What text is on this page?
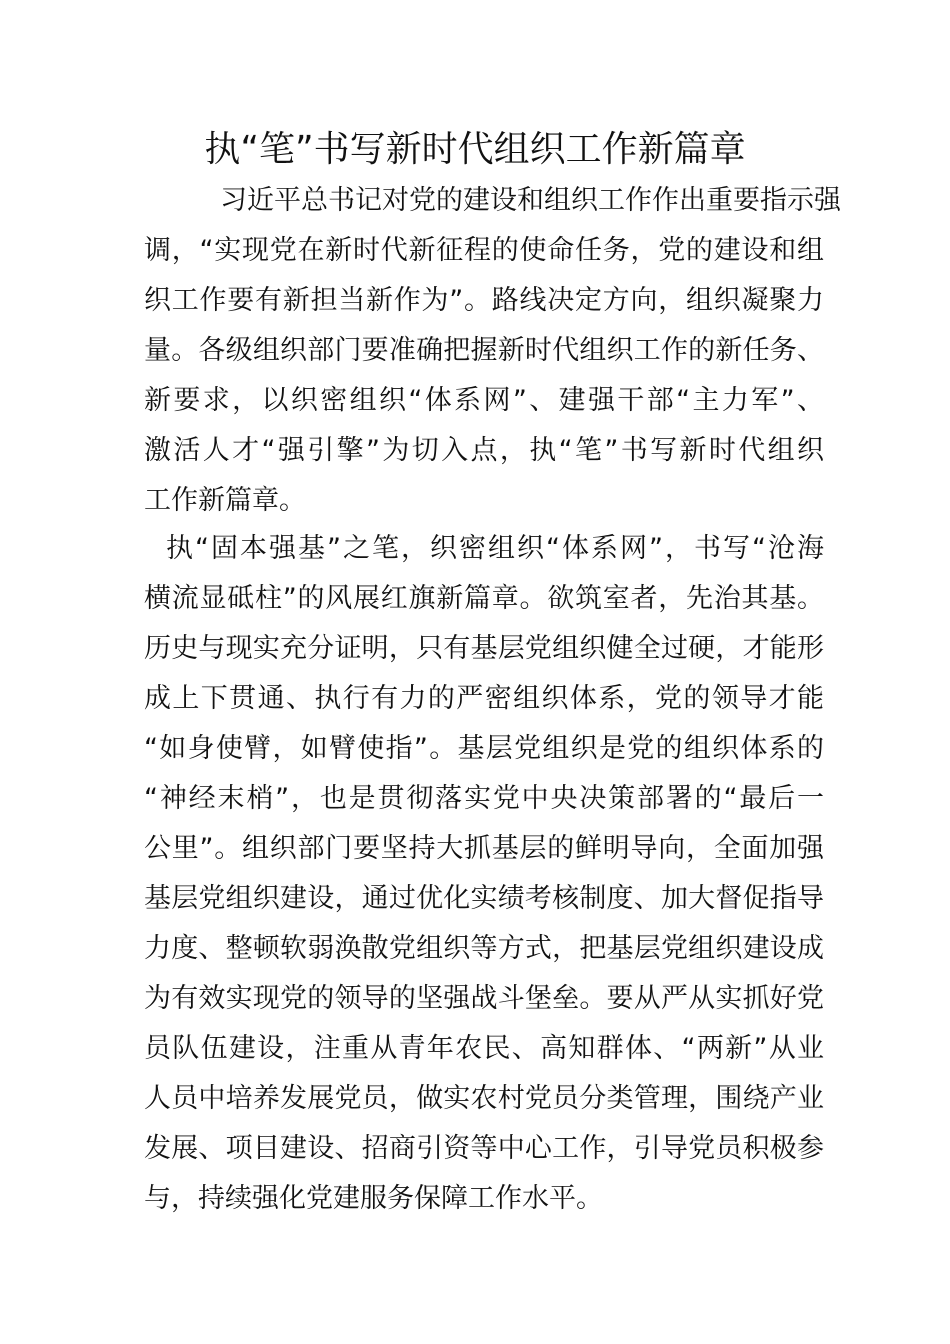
执“笔”书写新时代组织工作新篇章
习近平总书记对党的建设和组织工作作出重要指示强
调，“实现党在新时代新征程的使命任务，党的建设和组
织工作要有新担当新作为”。路线决定方向，组织凝聚力
量。各级组织部门要准确把握新时代组织工作的新任务、
新要求，以织密组织“体系网”、建强干部“主力军”、
激活人才“强引擎”为切入点，执“笔”书写新时代组织
工作新篇章。
执“固本强基”之笔，织密组织“体系网”，书写“沧海
横流显砥柱”的风展红旗新篇章。欲筑室者，先治其基。
历史与现实充分证明，只有基层党组织健全过硬，才能形
成上下贯通、执行有力的严密组织体系，党的领导才能
“如身使臂，如臂使指”。基层党组织是党的组织体系的
“神经末梢”，也是贯彻落实党中央决策部署的“最后一
公里”。组织部门要坚持大抓基层的鲜明导向，全面加强
基层党组织建设，通过优化实绩考核制度、加大督促指导
力度、整顿软弱涣散党组织等方式，把基层党组织建设成
为有效实现党的领导的坚强战斗堡垒。要从严从实抓好党
员队伍建设，注重从青年农民、高知群体、“两新”从业
人员中培养发展党员，做实农村党员分类管理，围绕产业
发展、项目建设、招商引资等中心工作，引导党员积极参
与，持续强化党建服务保障工作水平。
